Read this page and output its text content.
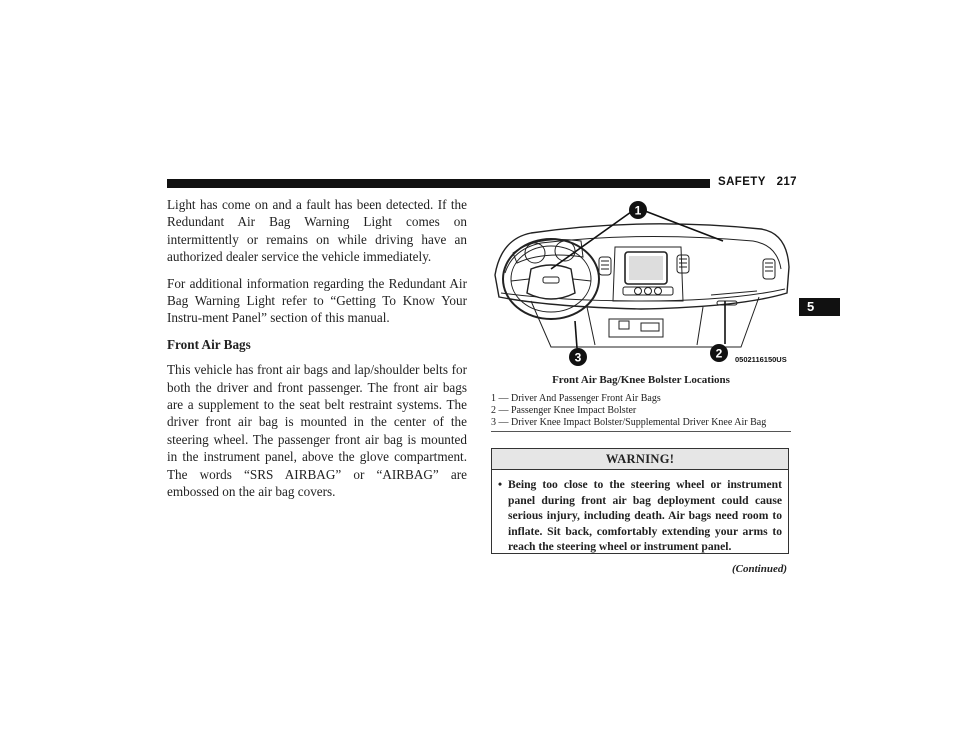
SAFETY 217
5

Light has come on and a fault has been detected. If the Redundant Air Bag Warning Light comes on intermittently or remains on while driving have an authorized dealer service the vehicle immediately.

For additional information regarding the Redundant Air Bag Warning Light refer to “Getting To Know Your Instru-ment Panel” section of this manual.

Front Air Bags

This vehicle has front air bags and lap/shoulder belts for both the driver and front passenger. The front air bags are a supplement to the seat belt restraint systems. The driver front air bag is mounted in the center of the steering wheel. The passenger front air bag is mounted in the instrument panel, above the glove compartment. The words “SRS AIRBAG” or “AIRBAG” are embossed on the air bag covers.

1
2
3	0502116150US
Front Air Bag/Knee Bolster Locations
1 — Driver And Passenger Front Air Bags
2 — Passenger Knee Impact Bolster
3 — Driver Knee Impact Bolster/Supplemental Driver Knee Air Bag
WARNING!
• Being too close to the steering wheel or instrument panel during front air bag deployment could cause serious injury, including death. Air bags need room to inflate. Sit back, comfortably extending your arms to reach the steering wheel or instrument panel.
(Continued)
